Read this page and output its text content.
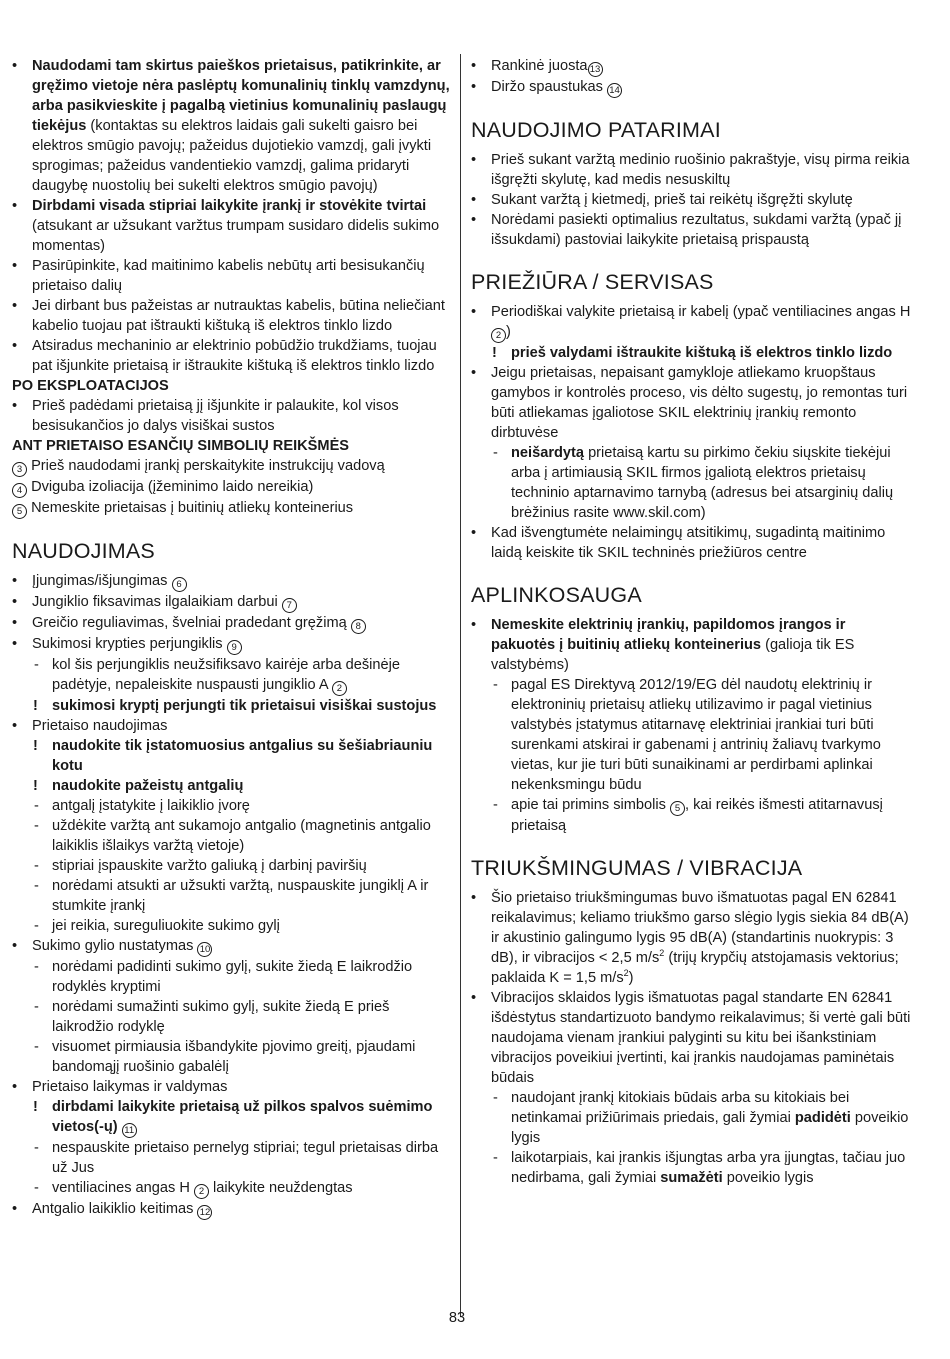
• Naudodami tam skirtus paieškos prietaisus, patikrinkite, ar gręžimo vietoje nėra paslėptų komunalinių tinklų vamzdynų, arba pasikvieskite į pagalbą vietinius komunalinių paslaugų tiekėjus (kontaktas su elektros laidais gali sukelti gaisro bei elektros smūgio pavojų; pažeidus dujotiekio vamzdį, gali įvykti sprogimas; pažeidus vandentiekio vamzdį, galima pridaryti daugybę nuostolių bei sukelti elektros smūgio pavojų)
• Dirbdami visada stipriai laikykite įrankį ir stovėkite tvirtai (atsukant ar užsukant varžtus trumpam susidaro didelis sukimo momentas)
• Pasirūpinkite, kad maitinimo kabelis nebūtų arti besisukančių prietaiso dalių
• Jei dirbant bus pažeistas ar nutrauktas kabelis, būtina neliečiant kabelio tuojau pat ištraukti kištuką iš elektros tinklo lizdo
• Atsiradus mechaninio ar elektrinio pobūdžio trukdžiams, tuojau pat išjunkite prietaisą ir ištraukite kištuką iš elektros tinklo lizdo
PO EKSPLOATACIJOS
• Prieš padėdami prietaisą jį išjunkite ir palaukite, kol visos besisukančios jo dalys visiškai sustos
ANT PRIETAISO ESANČIŲ SIMBOLIŲ REIKŠMĖS
3 Prieš naudodami įrankį perskaitykite instrukcijų vadovą
4 Dviguba izoliacija (įžeminimo laido nereikia)
5 Nemeskite prietaisas į buitinių atliekų konteinerius
NAUDOJIMAS
• Įjungimas/išjungimas 6
• Jungiklio fiksavimas ilgalaikiam darbui 7
• Greičio reguliavimas, švelniai pradedant gręžimą 8
• Sukimosi krypties perjungiklis 9
- kol šis perjungiklis neužsifiksavo kairėje arba dešinėje padėtyje, nepaleiskite nuspausti jungiklio A 2
! sukimosi kryptį perjungti tik prietaisui visiškai sustojus
• Prietaiso naudojimas
! naudokite tik įstatomuosius antgalius su šešiabriauniu kotu
! naudokite pažeistų antgalių
- antgalį įstatykite į laikiklio įvorę
- uždėkite varžtą ant sukamojo antgalio (magnetinis antgalio laikiklis išlaikys varžtą vietoje)
- stipriai įspauskite varžto galiuką į darbinį paviršių
- norėdami atsukti ar užsukti varžtą, nuspauskite jungiklį A ir stumkite įrankį
- jei reikia, sureguliuokite sukimo gylį
• Sukimo gylio nustatymas 10
- norėdami padidinti sukimo gylį, sukite žiedą E laikrodžio rodyklės kryptimi
- norėdami sumažinti sukimo gylį, sukite žiedą E prieš laikrodžio rodyklę
- visuomet pirmiausia išbandykite pjovimo greitį, pjaudami bandomąjį ruošinio gabalėlį
• Prietaiso laikymas ir valdymas
! dirbdami laikykite prietaisą už pilkos spalvos suėmimo vietos(-ų) 11
- nespauskite prietaiso pernelyg stipriai; tegul prietaisas dirba už Jus
- ventiliacines angas H 2 laikykite neuždengtas
• Antgalio laikiklio keitimas 12
• Rankinė juosta 13
• Diržo spaustukas 14
NAUDOJIMO PATARIMAI
• Prieš sukant varžtą medinio ruošinio pakraštyje, visų pirma reikia išgręžti skylutę, kad medis nesuskiltų
• Sukant varžtą į kietmedį, prieš tai reikėtų išgręžti skylutę
• Norėdami pasiekti optimalius rezultatus, sukdami varžtą (ypač jį išsukdami) pastoviai laikykite prietaisą prispaustą
PRIEŽIŪRA / SERVISAS
• Periodiškai valykite prietaisą ir kabelį (ypač ventiliacines angas H 2 )
! prieš valydami ištraukite kištuką iš elektros tinklo lizdo
• Jeigu prietaisas, nepaisant gamykloje atliekamo kruopštaus gamybos ir kontrolės proceso, vis dėlto sugestų, jo remontas turi būti atliekamas įgaliotose SKIL elektrinių įrankių remonto dirbtuvėse
- neišardytą prietaisą kartu su pirkimo čekiu siųskite tiekėjui arba į artimiausią SKIL firmos įgaliotą elektros prietaisų techninio aptarnavimo tarnybą (adresus bei atsarginių dalių brėžinius rasite www.skil.com)
• Kad išvengtumėte nelaimingų atsitikimų, sugadintą maitinimo laidą keiskite tik SKIL techninės priežiūros centre
APLINKOSAUGA
• Nemeskite elektrinių įrankių, papildomos įrangos ir pakuotės į buitinių atliekų konteinerius (galioja tik ES valstybėms)
- pagal ES Direktyvą 2012/19/EG dėl naudotų elektrinių ir elektroninių prietaisų atliekų utilizavimo ir pagal vietinius valstybės įstatymus atitarnavę elektriniai įrankiai turi būti surenkami atskirai ir gabenami į antrinių žaliavų tvarkymo vietas, kur jie turi būti sunaikinami ar perdirbami aplinkai nekenksmingu būdu
- apie tai primins simbolis 5 , kai reikės išmesti atitarnavusį prietaisą
TRIUKŠMINGUMAS / VIBRACIJA
• Šio prietaiso triukšmingumas buvo išmatuotas pagal EN 62841 reikalavimus; keliamo triukšmo garso slėgio lygis siekia 84 dB(A) ir akustinio galingumo lygis 95 dB(A) (standartinis nuokrypis: 3 dB), ir vibracijos < 2,5 $m/s^2$ (trijų krypčių atstojamasis vektorius; paklaida K = 1,5 $m/s^2$)
• Vibracijos sklaidos lygis išmatuotas pagal standarte EN 62841 išdėstytus standartizuoto bandymo reikalavimus; ši vertė gali būti naudojama vienam įrankiui palyginti su kitu bei išankstiniam vibracijos poveikiui įvertinti, kai įrankis naudojamas paminėtais būdais
- naudojant įrankį kitokiais būdais arba su kitokiais bei netinkamai prižiūrimais priedais, gali žymiai padidėti poveikio lygis
- laikotarpiais, kai įrankis išjungtas arba yra įjungtas, tačiau juo nedirbama, gali žymiai sumažėti poveikio lygis
83
